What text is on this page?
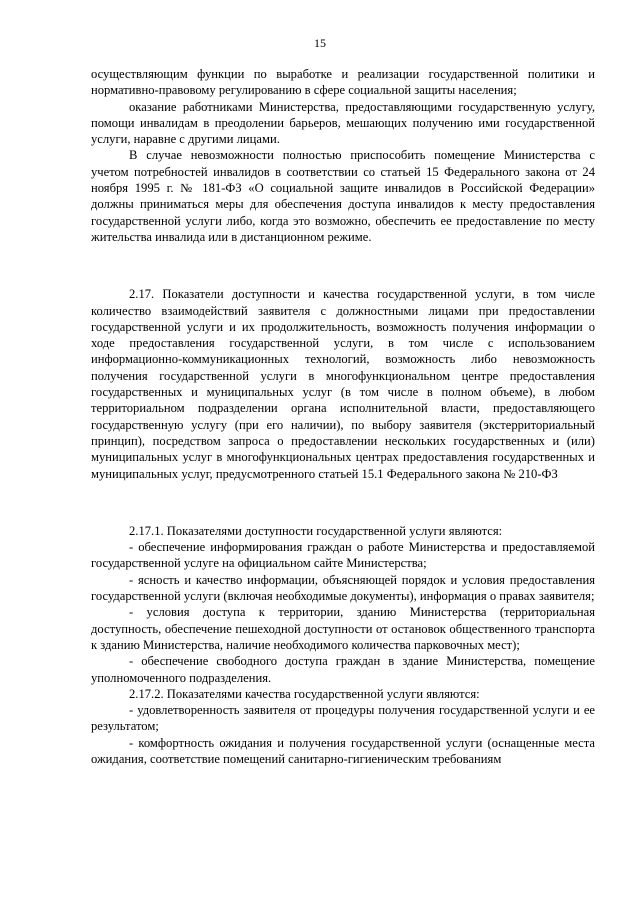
15

осуществляющим функции по выработке и реализации государственной политики и нормативно-правовому регулированию в сфере социальной защиты населения;

оказание работниками Министерства, предоставляющими государственную услугу, помощи инвалидам в преодолении барьеров, мешающих получению ими государственной услуги, наравне с другими лицами.

В случае невозможности полностью приспособить помещение Министерства с учетом потребностей инвалидов в соответствии со статьей 15 Федерального закона от 24 ноября 1995 г. № 181-ФЗ «О социальной защите инвалидов в Российской Федерации» должны приниматься меры для обеспечения доступа инвалидов к месту предоставления государственной услуги либо, когда это возможно, обеспечить ее предоставление по месту жительства инвалида или в дистанционном режиме.

2.17. Показатели доступности и качества государственной услуги, в том числе количество взаимодействий заявителя с должностными лицами при предоставлении государственной услуги и их продолжительность, возможность получения информации о ходе предоставления государственной услуги, в том числе с использованием информационно-коммуникационных технологий, возможность либо невозможность получения государственной услуги в многофункциональном центре предоставления государственных и муниципальных услуг (в том числе в полном объеме), в любом территориальном подразделении органа исполнительной власти, предоставляющего государственную услугу (при его наличии), по выбору заявителя (экстерриториальный принцип), посредством запроса о предоставлении нескольких государственных и (или) муниципальных услуг в многофункциональных центрах предоставления государственных и муниципальных услуг, предусмотренного статьей 15.1 Федерального закона № 210-ФЗ

2.17.1. Показателями доступности государственной услуги являются:

- обеспечение информирования граждан о работе Министерства и предоставляемой государственной услуге на официальном сайте Министерства;

- ясность и качество информации, объясняющей порядок и условия предоставления государственной услуги (включая необходимые документы), информация о правах заявителя;

- условия доступа к территории, зданию Министерства (территориальная доступность, обеспечение пешеходной доступности от остановок общественного транспорта к зданию Министерства, наличие необходимого количества парковочных мест);

- обеспечение свободного доступа граждан в здание Министерства, помещение уполномоченного подразделения.

2.17.2. Показателями качества государственной услуги являются:

- удовлетворенность заявителя от процедуры получения государственной услуги и ее результатом;

- комфортность ожидания и получения государственной услуги (оснащенные места ожидания, соответствие помещений санитарно-гигиеническим требованиям
